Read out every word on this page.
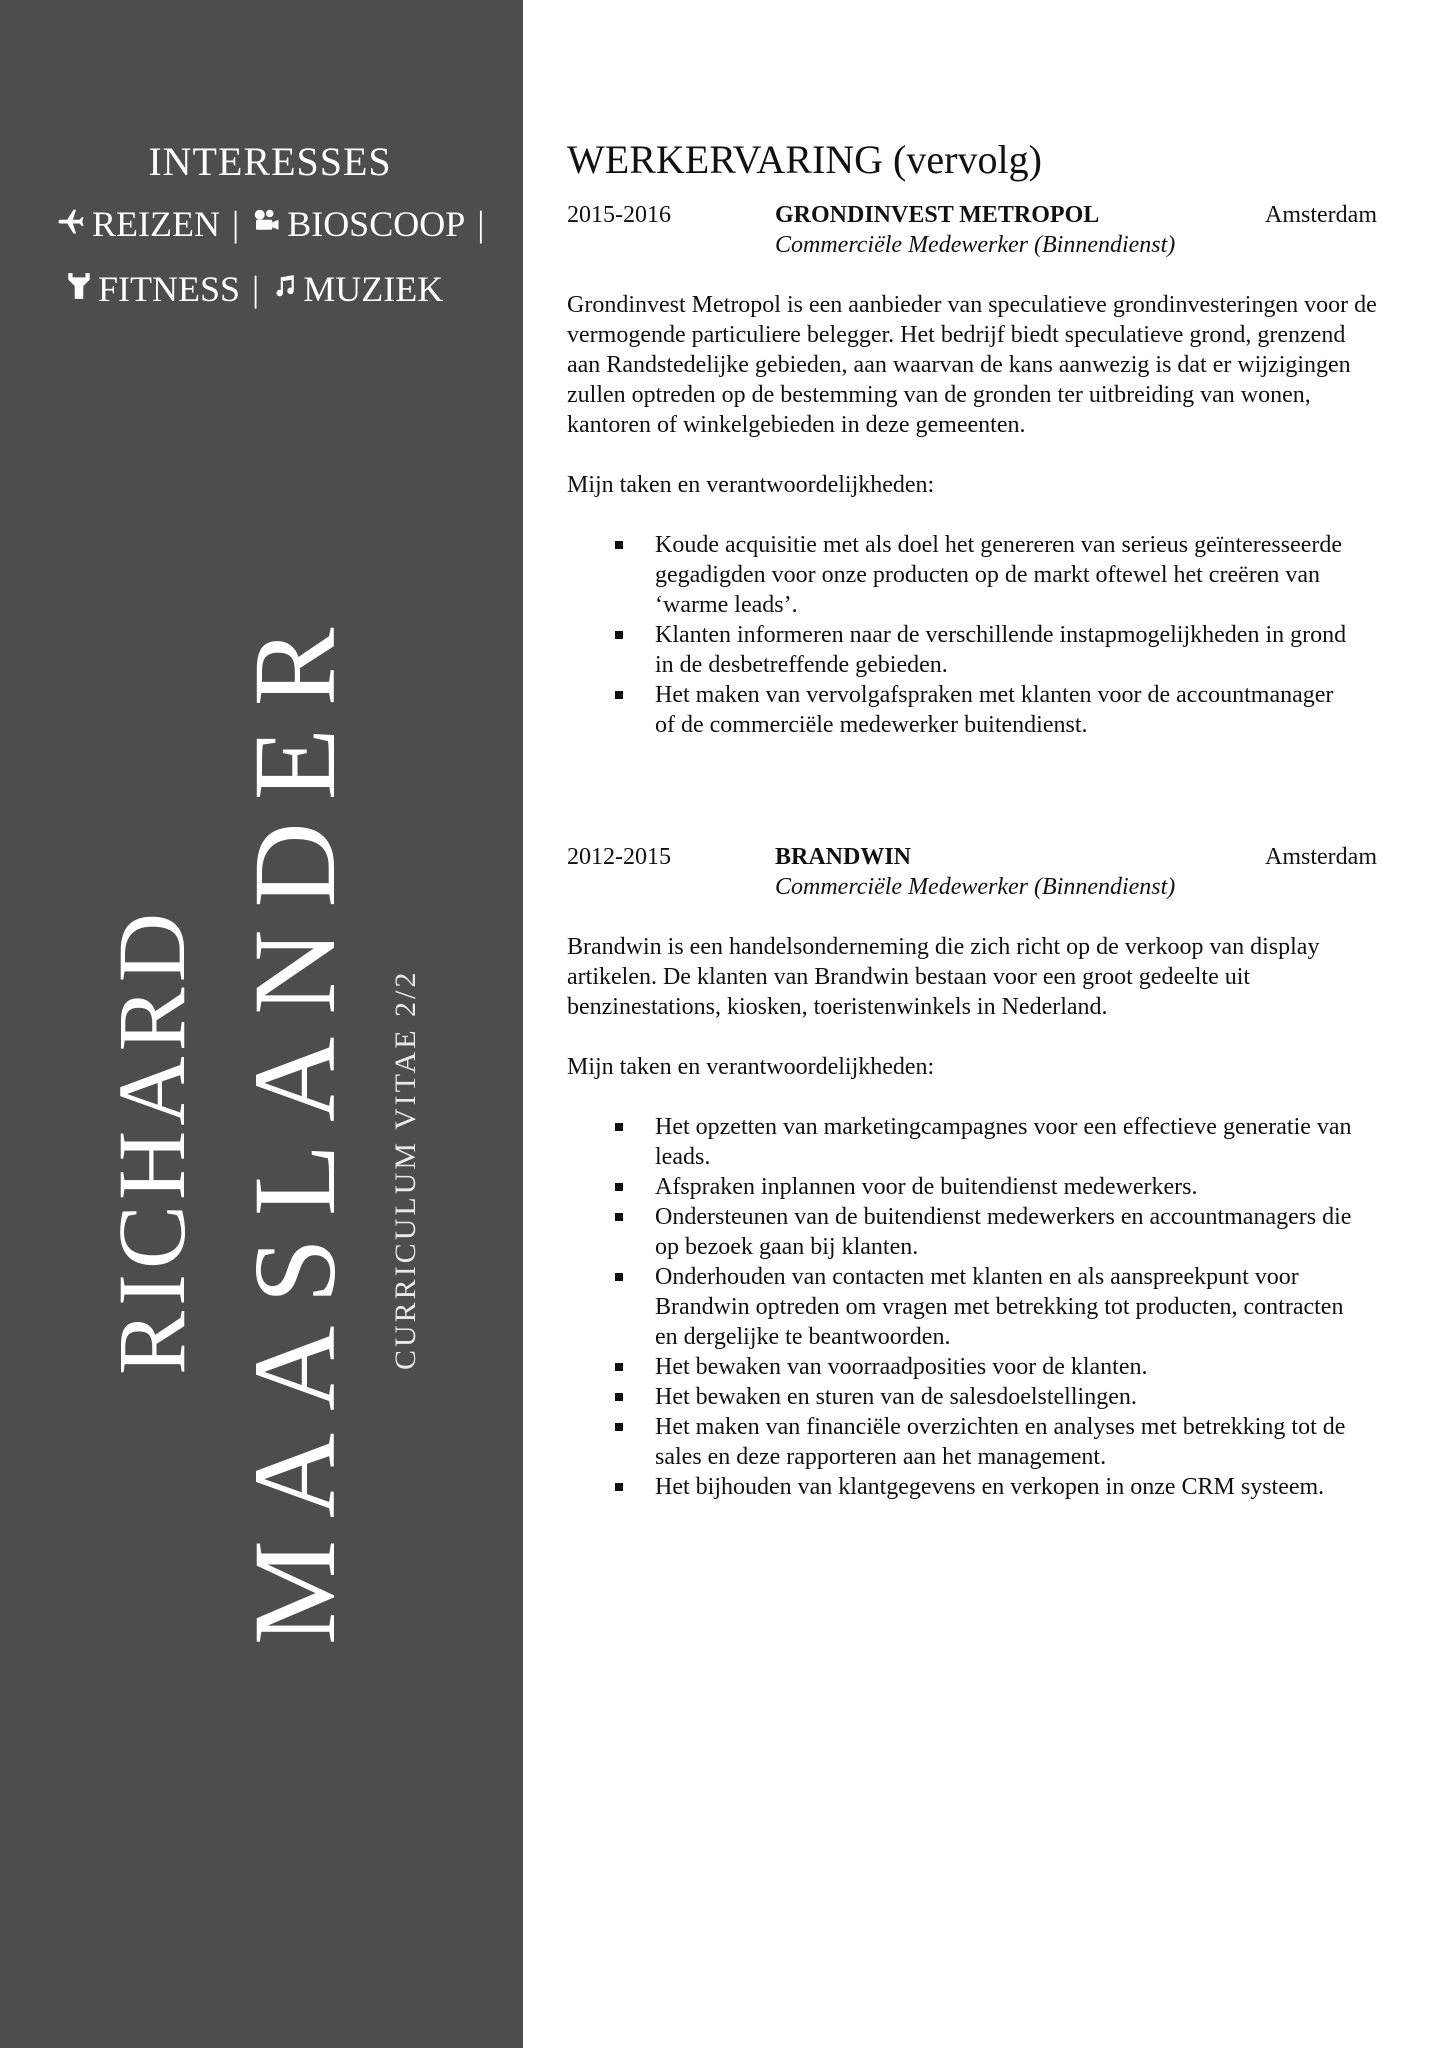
INTERESSES
REIZEN | BIOSCOOP |
FITNESS | MUZIEK
RICHARD MAASLANDER CURRICULUM VITAE 2/2
WERKERVARING (vervolg)
2015-2016	GRONDINVEST METROPOL	Amsterdam
Commerciële Medewerker (Binnendienst)
Grondinvest Metropol is een aanbieder van speculatieve grondinvesteringen voor de vermogende particuliere belegger. Het bedrijf biedt speculatieve grond, grenzend aan Randstedelijke gebieden, aan waarvan de kans aanwezig is dat er wijzigingen zullen optreden op de bestemming van de gronden ter uitbreiding van wonen, kantoren of winkelgebieden in deze gemeenten.
Mijn taken en verantwoordelijkheden:
Koude acquisitie met als doel het genereren van serieus geïnteresseerde gegadigden voor onze producten op de markt oftewel het creëren van ‘warme leads’.
Klanten informeren naar de verschillende instapmogelijkheden in grond in de desbetreffende gebieden.
Het maken van vervolgafspraken met klanten voor de accountmanager of de commerciële medewerker buitendienst.
2012-2015	BRANDWIN	Amsterdam
Commerciële Medewerker (Binnendienst)
Brandwin is een handelsonderneming die zich richt op de verkoop van display artikelen. De klanten van Brandwin bestaan voor een groot gedeelte uit benzinestations, kiosken, toeristenwinkels in Nederland.
Mijn taken en verantwoordelijkheden:
Het opzetten van marketingcampagnes voor een effectieve generatie van leads.
Afspraken inplannen voor de buitendienst medewerkers.
Ondersteunen van de buitendienst medewerkers en accountmanagers die op bezoek gaan bij klanten.
Onderhouden van contacten met klanten en als aanspreekpunt voor Brandwin optreden om vragen met betrekking tot producten, contracten en dergelijke te beantwoorden.
Het bewaken van voorraadposities voor de klanten.
Het bewaken en sturen van de salesdoelstellingen.
Het maken van financiële overzichten en analyses met betrekking tot de sales en deze rapporteren aan het management.
Het bijhouden van klantgegevens en verkopen in onze CRM systeem.
